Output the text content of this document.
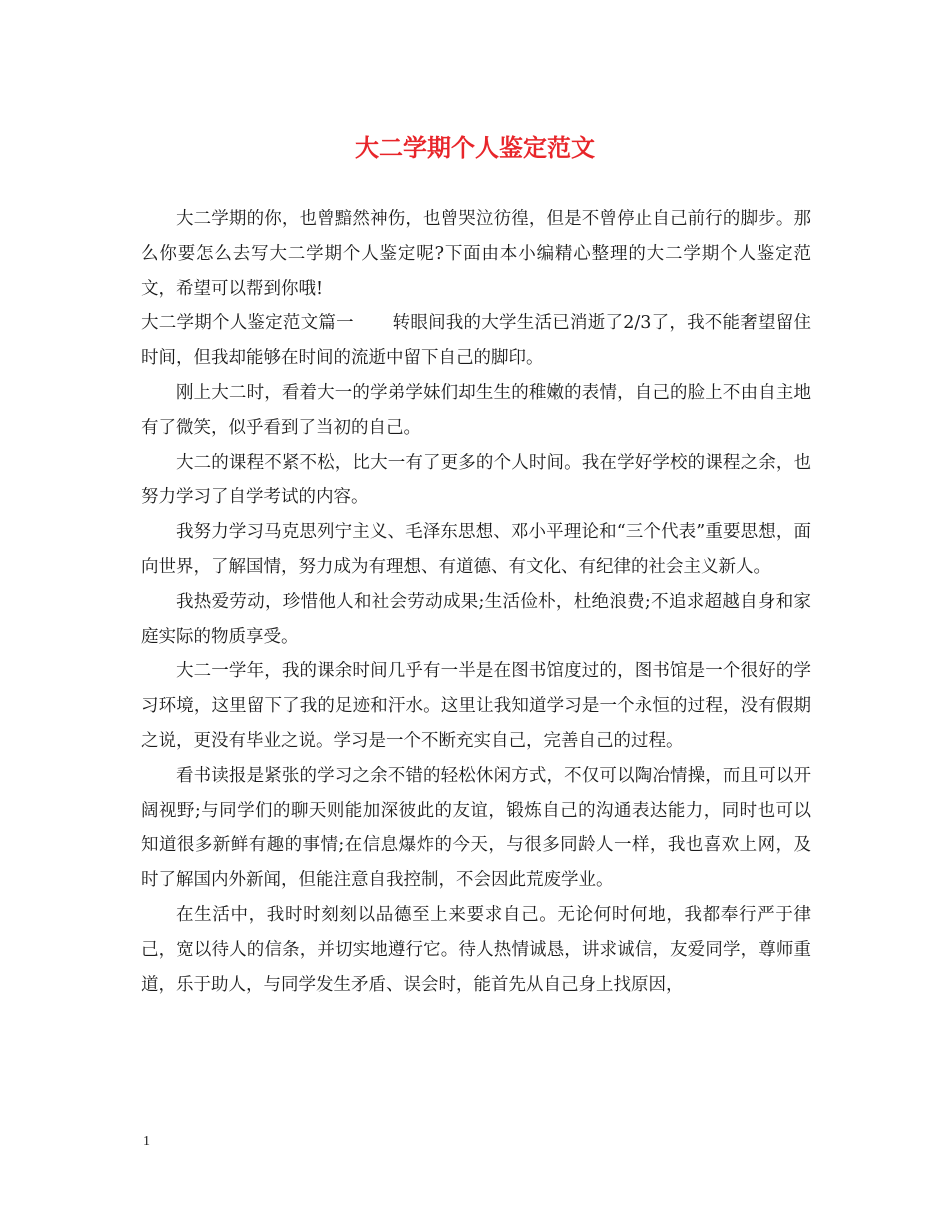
大二学期个人鉴定范文

大二学期的你，也曾黯然神伤，也曾哭泣彷徨，但是不曾停止自己前行的脚步。那么你要怎么去写大二学期个人鉴定呢?下面由本小编精心整理的大二学期个人鉴定范文，希望可以帮到你哦!

大二学期个人鉴定范文篇一 转眼间我的大学生活已消逝了2/3了，我不能奢望留住时间，但我却能够在时间的流逝中留下自己的脚印。

刚上大二时，看着大一的学弟学妹们却生生的稚嫩的表情，自己的脸上不由自主地有了微笑，似乎看到了当初的自己。

大二的课程不紧不松，比大一有了更多的个人时间。我在学好学校的课程之余，也努力学习了自学考试的内容。

我努力学习马克思列宁主义、毛泽东思想、邓小平理论和“三个代表”重要思想，面向世界，了解国情，努力成为有理想、有道德、有文化、有纪律的社会主义新人。

我热爱劳动，珍惜他人和社会劳动成果;生活俭朴，杜绝浪费;不追求超越自身和家庭实际的物质享受。

大二一学年，我的课余时间几乎有一半是在图书馆度过的，图书馆是一个很好的学习环境，这里留下了我的足迹和汗水。这里让我知道学习是一个永恒的过程，没有假期之说，更没有毕业之说。学习是一个不断充实自己，完善自己的过程。

看书读报是紧张的学习之余不错的轻松休闲方式，不仅可以陶冶情操，而且可以开阔视野;与同学们的聊天则能加深彼此的友谊，锻炼自己的沟通表达能力，同时也可以知道很多新鲜有趣的事情;在信息爆炸的今天，与很多同龄人一样，我也喜欢上网，及时了解国内外新闻，但能注意自我控制，不会因此荒废学业。

在生活中，我时时刻刻以品德至上来要求自己。无论何时何地，我都奉行严于律己，宽以待人的信条，并切实地遵行它。待人热情诚恳，讲求诚信，友爱同学，尊师重道，乐于助人，与同学发生矛盾、误会时，能首先从自己身上找原因，

1
